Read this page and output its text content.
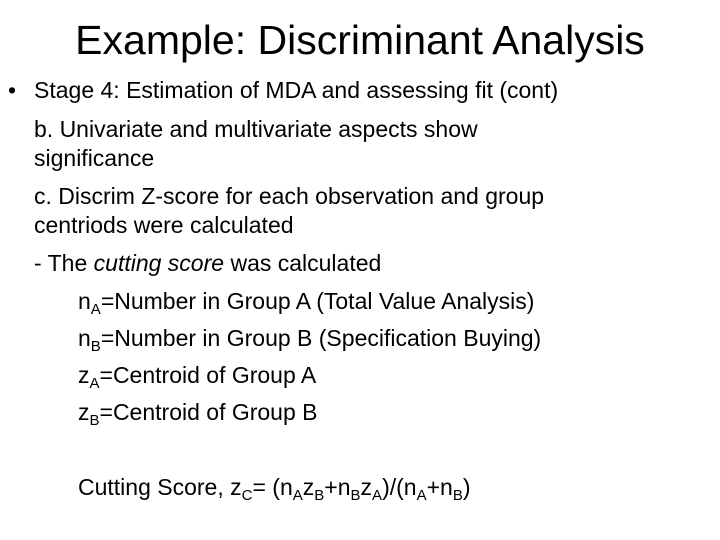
Example: Discriminant Analysis
• Stage 4: Estimation of MDA and assessing fit (cont)
b. Univariate and multivariate aspects show
significance
c. Discrim Z-score for each observation and group
centriods were calculated
- The cutting score was calculated
$n_A=Number$ in Group A (Total Value Analysis)
$n_B=Number$ in Group B (Specification Buying)
$z_A=Centroid$ of Group A
$z_B=Centroid$ of Group B
Cutting Score, $z_C= (n_Az_B+n_Bz_A)/(n_A+n_B)$
